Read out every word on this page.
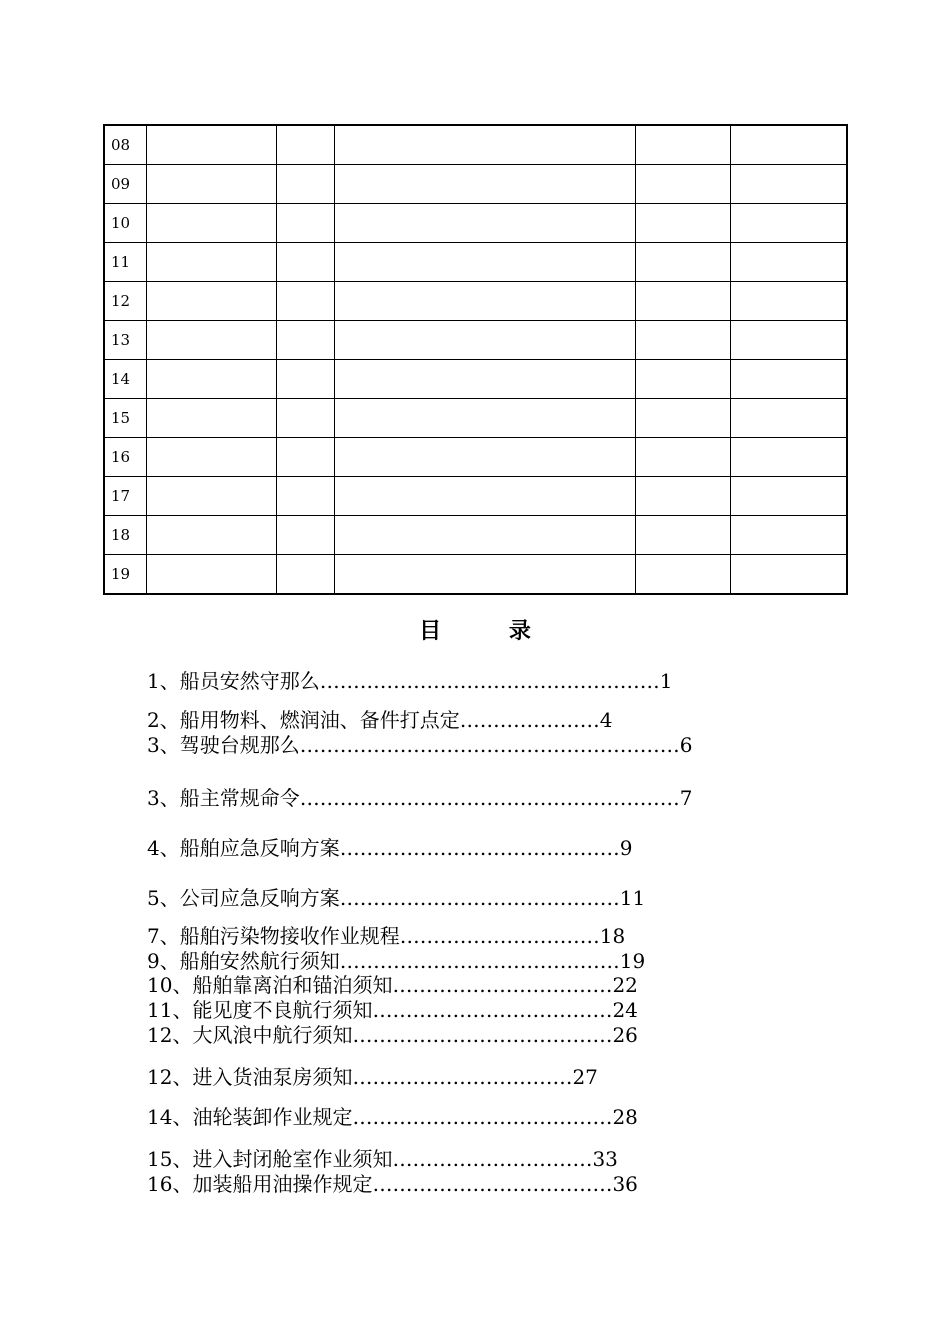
08					
09					
10					
11					
12					
13					
14					
15					
16					
17					
18					
19					
目 录
1、船员安然守那么……………………………………………1
2、船用物料、燃润油、备件打点定…………………4
3、驾驶台规那么…………………………………………………6
3、船主常规命令…………………………………………………7
4、船舶应急反响方案……………………………………9
5、公司应急反响方案……………………………………11
7、船舶污染物接收作业规程…………………………18
9、船舶安然航行须知……………………………………19
10、船舶靠离泊和锚泊须知……………………………22
11、能见度不良航行须知………………………………24
12、大风浪中航行须知…………………………………26
12、进入货油泵房须知……………………………27
14、油轮装卸作业规定…………………………………28
15、进入封闭舱室作业须知…………………………33
16、加装船用油操作规定………………………………36
